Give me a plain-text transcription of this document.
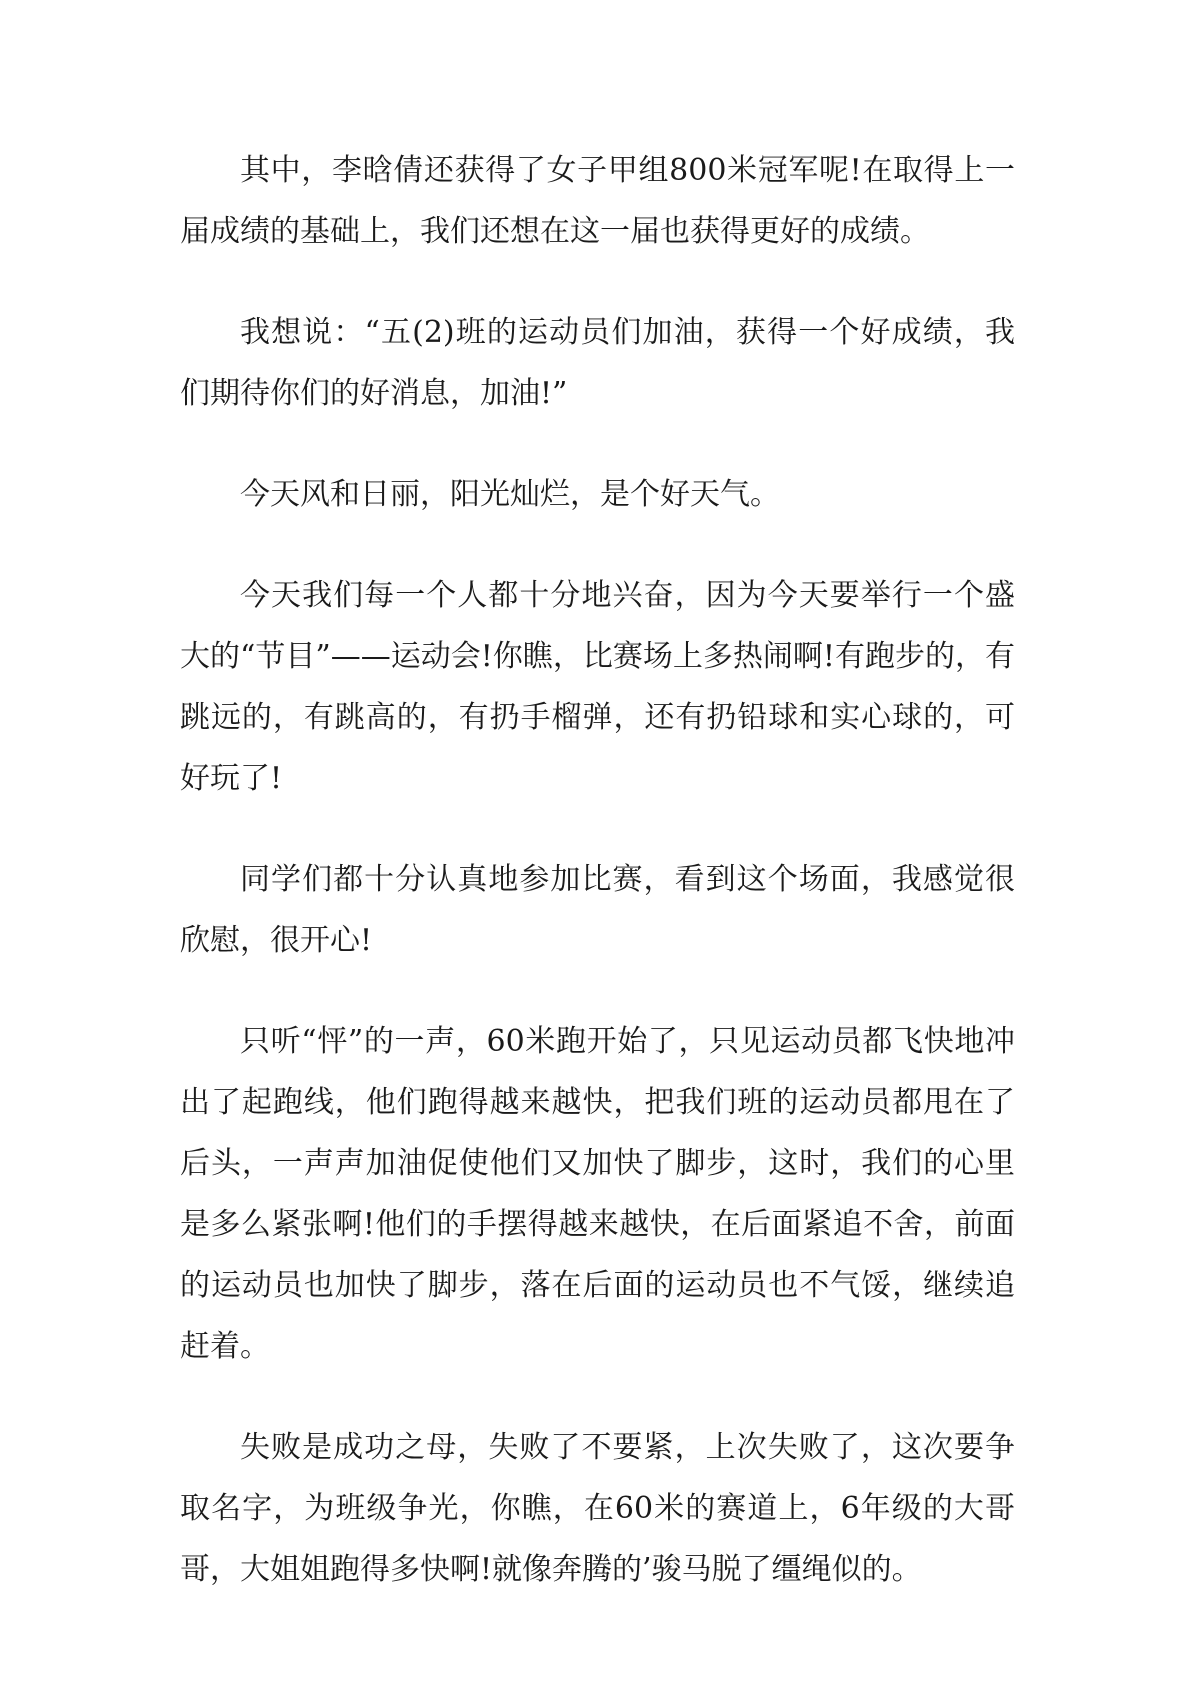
其中，李晗倩还获得了女子甲组800米冠军呢!在取得上一届成绩的基础上，我们还想在这一届也获得更好的成绩。

我想说：“五(2)班的运动员们加油，获得一个好成绩，我们期待你们的好消息，加油!”

今天风和日丽，阳光灿烂，是个好天气。

今天我们每一个人都十分地兴奋，因为今天要举行一个盛大的“节目”——运动会!你瞧，比赛场上多热闹啊!有跑步的，有跳远的，有跳高的，有扔手榴弹，还有扔铅球和实心球的，可好玩了!

同学们都十分认真地参加比赛，看到这个场面，我感觉很欣慰，很开心!

只听“怦”的一声，60米跑开始了，只见运动员都飞快地冲出了起跑线，他们跑得越来越快，把我们班的运动员都甩在了后头，一声声加油促使他们又加快了脚步，这时，我们的心里是多么紧张啊!他们的手摆得越来越快，在后面紧追不舍，前面的运动员也加快了脚步，落在后面的运动员也不气馁，继续追赶着。

失败是成功之母，失败了不要紧，上次失败了，这次要争取名字，为班级争光，你瞧，在60米的赛道上，6年级的大哥哥，大姐姐跑得多快啊!就像奔腾的’骏马脱了缰绳似的。
